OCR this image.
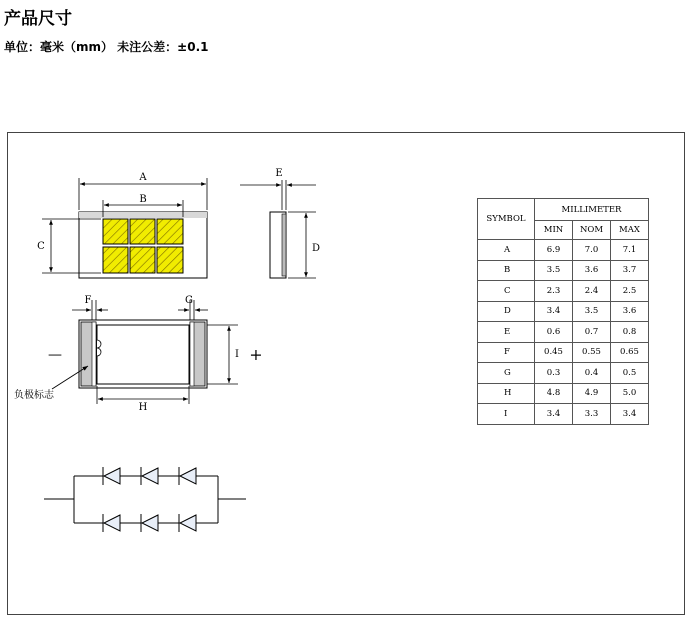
产品尺寸
单位：毫米（mm） 未注公差：±0.1
A
B
C
E
D
F	G
H
I
—	+
负极标志
SYMBOL	MILLIMETER		
	MIN	NOM	MAX
A	6.9	7.0	7.1
B	3.5	3.6	3.7
C	2.3	2.4	2.5
D	3.4	3.5	3.6
E	0.6	0.7	0.8
F	0.45	0.55	0.65
G	0.3	0.4	0.5
H	4.8	4.9	5.0
I	3.4	3.3	3.4
